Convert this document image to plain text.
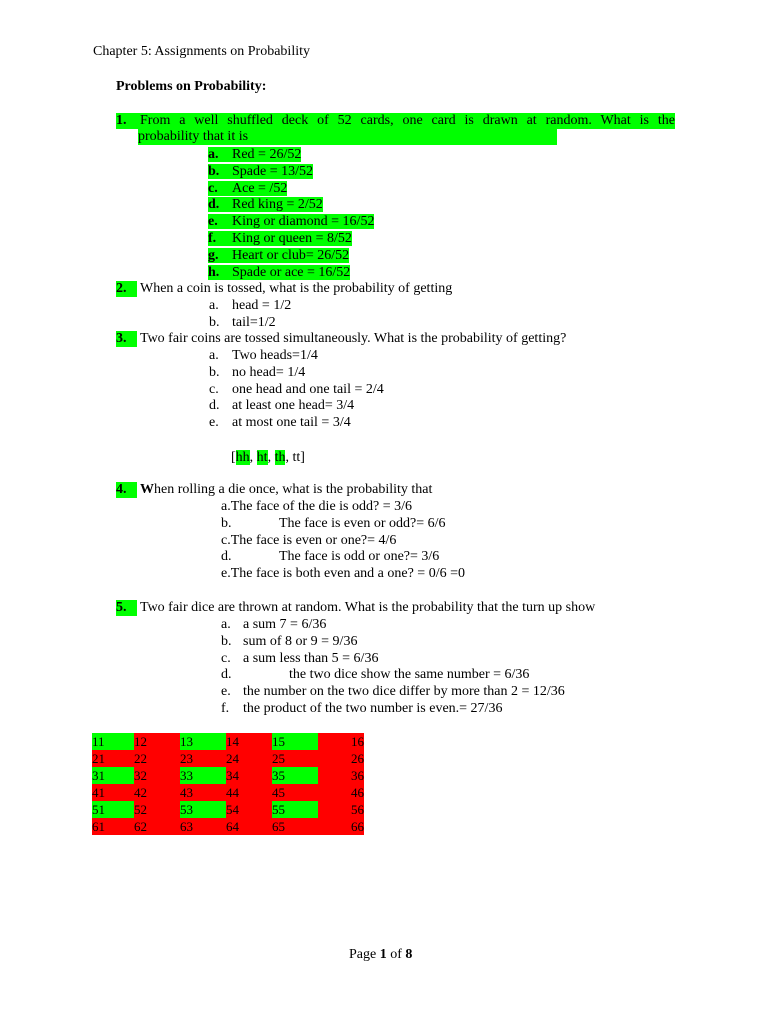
Chapter 5: Assignments on Probability
Problems on Probability:
1. From a well shuffled deck of 52 cards, one card is drawn at random. What is the
probability that it is
a. Red = 26/52
b. Spade = 13/52
c. Ace = /52
d. Red king = 2/52
e. King or diamond = 16/52
f. King or queen = 8/52
g. Heart or club= 26/52
h. Spade or ace = 16/52
2. When a coin is tossed, what is the probability of getting
a. head = 1/2
b. tail=1/2
3. Two fair coins are tossed simultaneously. What is the probability of getting?
a. Two heads=1/4
b. no head= 1/4
c. one head and one tail = 2/4
d. at least one head= 3/4
e. at most one tail = 3/4
[hh, ht, th, tt]
4. When rolling a die once, what is the probability that
a.The face of the die is odd? = 3/6
b.	The face is even or odd?= 6/6
c.The face is even or one?= 4/6
d.	The face is odd or one?= 3/6
e.The face is both even and a one? = 0/6 =0
5. Two fair dice are thrown at random. What is the probability that the turn up show
a. a sum 7 = 6/36
b. sum of 8 or 9 = 9/36
c. a sum less than 5 = 6/36
d.	the two dice show the same number = 6/36
e. the number on the two dice differ by more than 2 = 12/36
f. the product of the two number is even.= 27/36
11	12	13	14	15	16
21	22	23	24	25	26
31	32	33	34	35	36
41	42	43	44	45	46
51	52	53	54	55	56
61	62	63	64	65	66
Page 1 of 8
